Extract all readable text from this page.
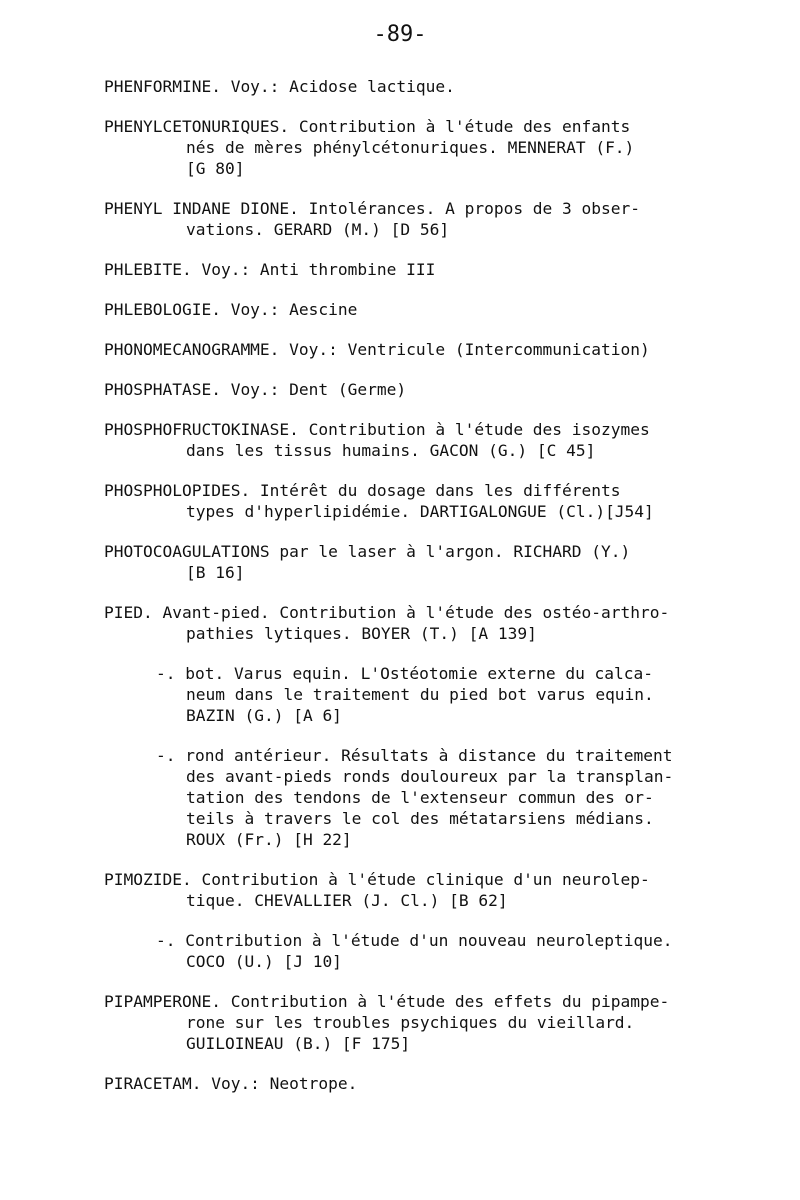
-89-
PHENFORMINE. Voy.: Acidose lactique.
PHENYLCETONURIQUES. Contribution à l'étude des enfants
nés de mères phénylcétonuriques. MENNERAT (F.)
[G 80]
PHENYL INDANE DIONE. Intolérances. A propos de 3 obser-
vations. GERARD (M.) [D 56]
PHLEBITE. Voy.: Anti thrombine III
PHLEBOLOGIE. Voy.: Aescine
PHONOMECANOGRAMME. Voy.: Ventricule (Intercommunication)
PHOSPHATASE. Voy.: Dent (Germe)
PHOSPHOFRUCTOKINASE. Contribution à l'étude des isozymes
dans les tissus humains. GACON (G.) [C 45]
PHOSPHOLOPIDES. Intérêt du dosage dans les différents
types d'hyperlipidémie. DARTIGALONGUE (Cl.)[J54]
PHOTOCOAGULATIONS par le laser à l'argon. RICHARD (Y.)
[B 16]
PIED. Avant-pied. Contribution à l'étude des ostéo-arthro-
pathies lytiques. BOYER (T.) [A 139]
-. bot. Varus equin. L'Ostéotomie externe du calca-
neum dans le traitement du pied bot varus equin.
BAZIN (G.) [A 6]
-. rond antérieur. Résultats à distance du traitement
des avant-pieds ronds douloureux par la transplan-
tation des tendons de l'extenseur commun des or-
teils à travers le col des métatarsiens médians.
ROUX (Fr.) [H 22]
PIMOZIDE. Contribution à l'étude clinique d'un neurolep-
tique. CHEVALLIER (J. Cl.) [B 62]
-. Contribution à l'étude d'un nouveau neuroleptique.
COCO (U.) [J 10]
PIPAMPERONE. Contribution à l'étude des effets du pipampe-
rone sur les troubles psychiques du vieillard.
GUILOINEAU (B.) [F 175]
PIRACETAM. Voy.: Neotrope.
